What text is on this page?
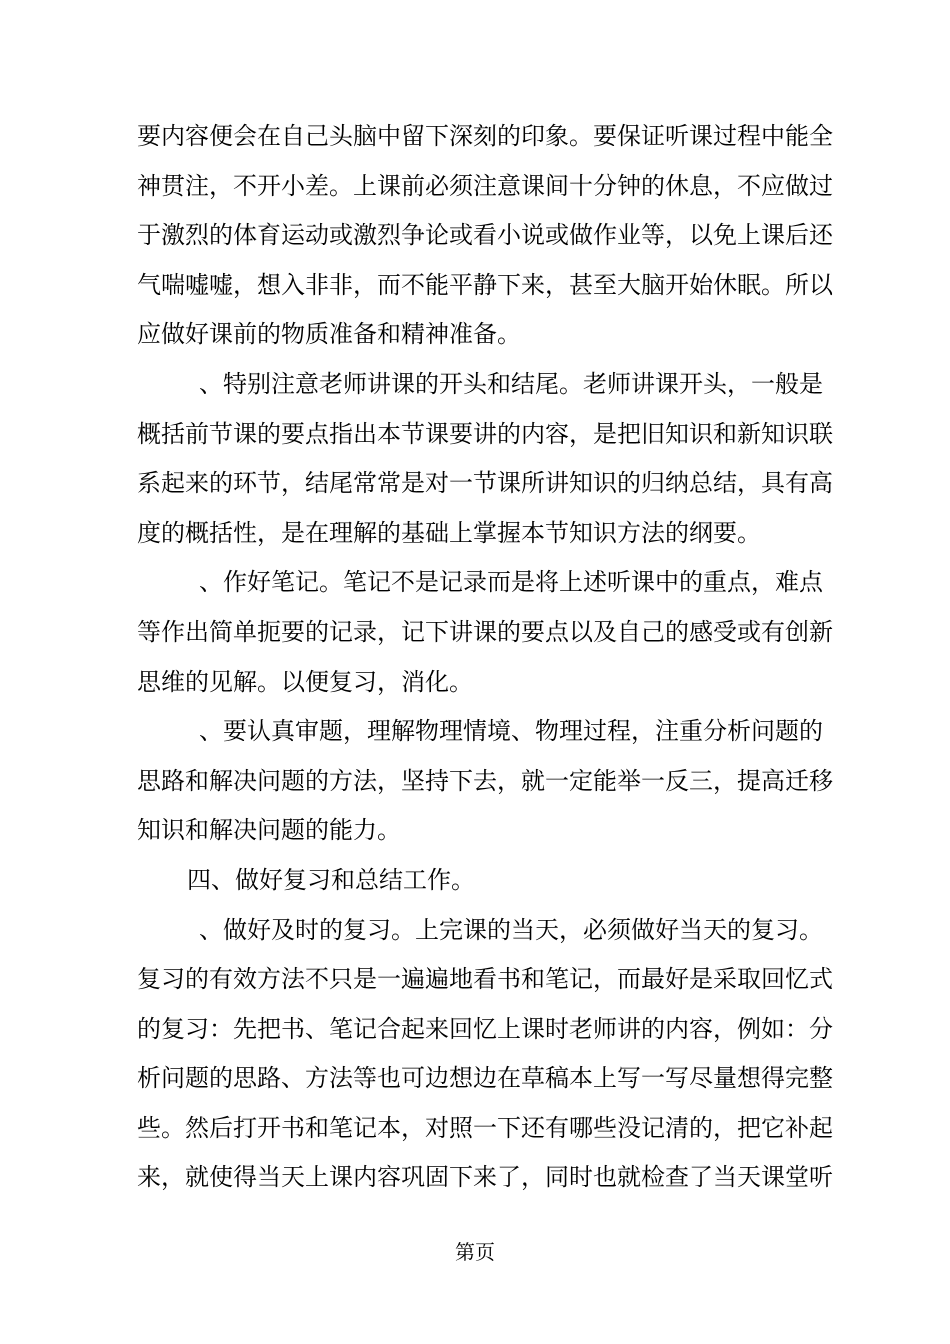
要内容便会在自己头脑中留下深刻的印象。要保证听课过程中能全
神贯注，不开小差。上课前必须注意课间十分钟的休息，不应做过
于激烈的体育运动或激烈争论或看小说或做作业等，以免上课后还
气喘嘘嘘，想入非非，而不能平静下来，甚至大脑开始休眠。所以
应做好课前的物质准备和精神准备。
、特别注意老师讲课的开头和结尾。老师讲课开头，一般是
概括前节课的要点指出本节课要讲的内容，是把旧知识和新知识联
系起来的环节，结尾常常是对一节课所讲知识的归纳总结，具有高
度的概括性，是在理解的基础上掌握本节知识方法的纲要。
、作好笔记。笔记不是记录而是将上述听课中的重点，难点
等作出简单扼要的记录，记下讲课的要点以及自己的感受或有创新
思维的见解。以便复习，消化。
、要认真审题，理解物理情境、物理过程，注重分析问题的
思路和解决问题的方法，坚持下去，就一定能举一反三，提高迁移
知识和解决问题的能力。
四、做好复习和总结工作。
、做好及时的复习。上完课的当天，必须做好当天的复习。
复习的有效方法不只是一遍遍地看书和笔记，而最好是采取回忆式
的复习：先把书、笔记合起来回忆上课时老师讲的内容，例如：分
析问题的思路、方法等也可边想边在草稿本上写一写尽量想得完整
些。然后打开书和笔记本，对照一下还有哪些没记清的，把它补起
来，就使得当天上课内容巩固下来了，同时也就检查了当天课堂听
第页
